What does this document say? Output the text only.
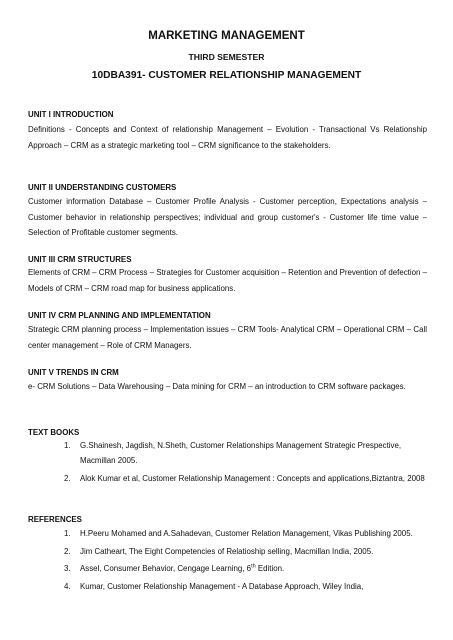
MARKETING MANAGEMENT
THIRD SEMESTER
10DBA391- CUSTOMER RELATIONSHIP MANAGEMENT
UNIT I INTRODUCTION
Definitions - Concepts and Context of relationship Management – Evolution - Transactional Vs Relationship Approach – CRM as a strategic marketing tool – CRM significance to the stakeholders.
UNIT II UNDERSTANDING CUSTOMERS
Customer information Database – Customer Profile Analysis - Customer perception, Expectations analysis – Customer behavior in relationship perspectives; individual and group customer's - Customer life time value – Selection of Profitable customer segments.
UNIT III CRM STRUCTURES
Elements of CRM – CRM Process – Strategies for Customer acquisition – Retention and Prevention of defection – Models of CRM – CRM road map for business applications.
UNIT IV CRM PLANNING AND IMPLEMENTATION
Strategic CRM planning process – Implementation issues – CRM Tools- Analytical CRM – Operational CRM – Call center management – Role of CRM Managers.
UNIT V TRENDS IN CRM
e- CRM Solutions – Data Warehousing – Data mining for CRM – an introduction to CRM software packages.
TEXT BOOKS
1. G.Shainesh, Jagdish, N.Sheth, Customer Relationships Management Strategic Prespective, Macmillan 2005.
2. Alok Kumar et al, Customer Relationship Management : Concepts and applications,Biztantra, 2008
REFERENCES
1. H.Peeru Mohamed and A.Sahadevan, Customer Relation Management, Vikas Publishing 2005.
2. Jim Catheart, The Eight Competencies of Relatioship selling, Macmillan India, 2005.
3. Assel, Consumer Behavior, Cengage Learning, 6th Edition.
4. Kumar, Customer Relationship Management - A Database Approach, Wiley India,
